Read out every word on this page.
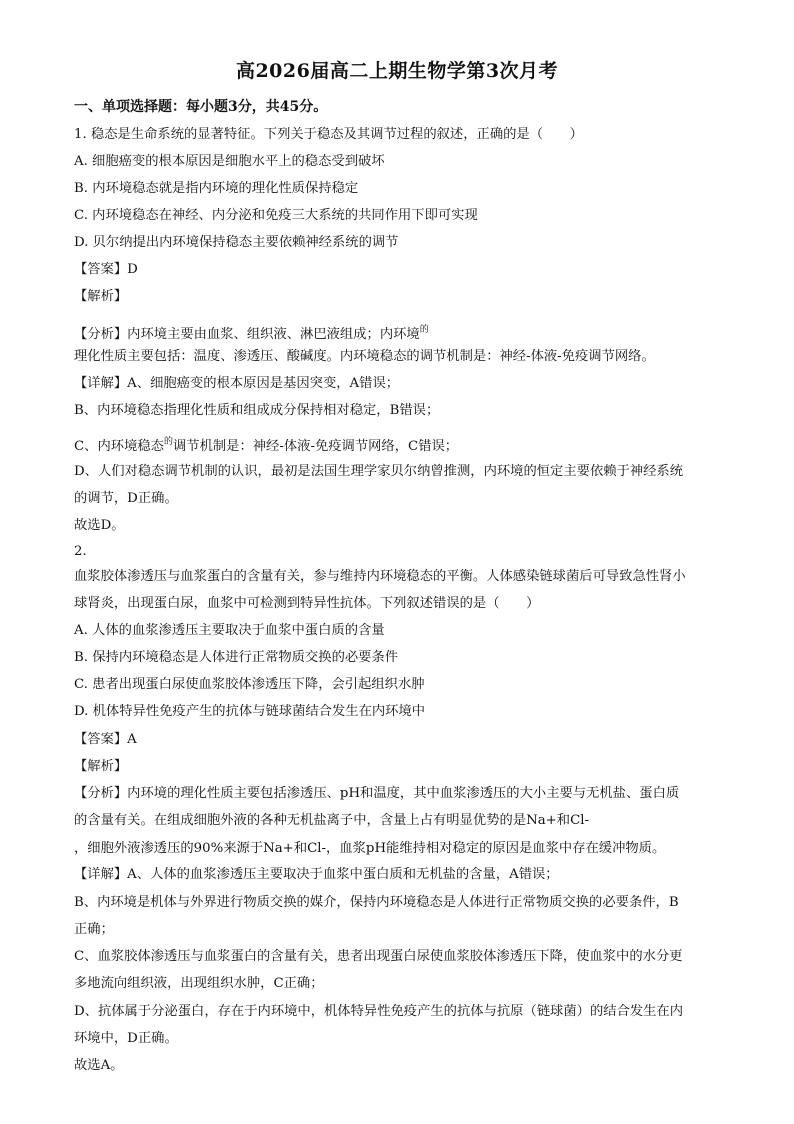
高2026届高二上期生物学第3次月考
一、单项选择题：每小题3分，共45分。
1. 稳态是生命系统的显著特征。下列关于稳态及其调节过程的叙述，正确的是（　　）
A. 细胞癌变的根本原因是细胞水平上的稳态受到破坏
B. 内环境稳态就是指内环境的理化性质保持稳定
C. 内环境稳态在神经、内分泌和免疫三大系统的共同作用下即可实现
D. 贝尔纳提出内环境保持稳态主要依赖神经系统的调节
【答案】D
【解析】
【分析】内环境主要由血浆、组织液、淋巴液组成；内环境$^的$
理化性质主要包括：温度、渗透压、酸碱度。内环境稳态的调节机制是：神经-体液-免疫调节网络。
【详解】A、细胞癌变的根本原因是基因突变，A错误；
B、内环境稳态指理化性质和组成成分保持相对稳定，B错误；
C、内环境稳态$^的$调节机制是：神经-体液-免疫调节网络，C错误；
D、人们对稳态调节机制的认识，最初是法国生理学家贝尔纳曾推测，内环境的恒定主要依赖于神经系统
的调节，D正确。
故选D。
2.
血浆胶体渗透压与血浆蛋白的含量有关，参与维持内环境稳态的平衡。人体感染链球菌后可导致急性肾小
球肾炎，出现蛋白尿，血浆中可检测到特异性抗体。下列叙述错误的是（　　）
A. 人体的血浆渗透压主要取决于血浆中蛋白质的含量
B. 保持内环境稳态是人体进行正常物质交换的必要条件
C. 患者出现蛋白尿使血浆胶体渗透压下降，会引起组织水肿
D. 机体特异性免疫产生的抗体与链球菌结合发生在内环境中
【答案】A
【解析】
【分析】内环境的理化性质主要包括渗透压、pH和温度，其中血浆渗透压的大小主要与无机盐、蛋白质
的含量有关。在组成细胞外液的各种无机盐离子中，含量上占有明显优势的是Na+和Cl-
，细胞外液渗透压的90%来源于Na+和Cl-，血浆pH能维持相对稳定的原因是血浆中存在缓冲物质。
【详解】A、人体的血浆渗透压主要取决于血浆中蛋白质和无机盐的含量，A错误；
B、内环境是机体与外界进行物质交换的媒介，保持内环境稳态是人体进行正常物质交换的必要条件，B
正确；
C、血浆胶体渗透压与血浆蛋白的含量有关，患者出现蛋白尿使血浆胶体渗透压下降，使血浆中的水分更
多地流向组织液，出现组织水肿，C正确；
D、抗体属于分泌蛋白，存在于内环境中，机体特异性免疫产生的抗体与抗原（链球菌）的结合发生在内
环境中，D正确。
故选A。
